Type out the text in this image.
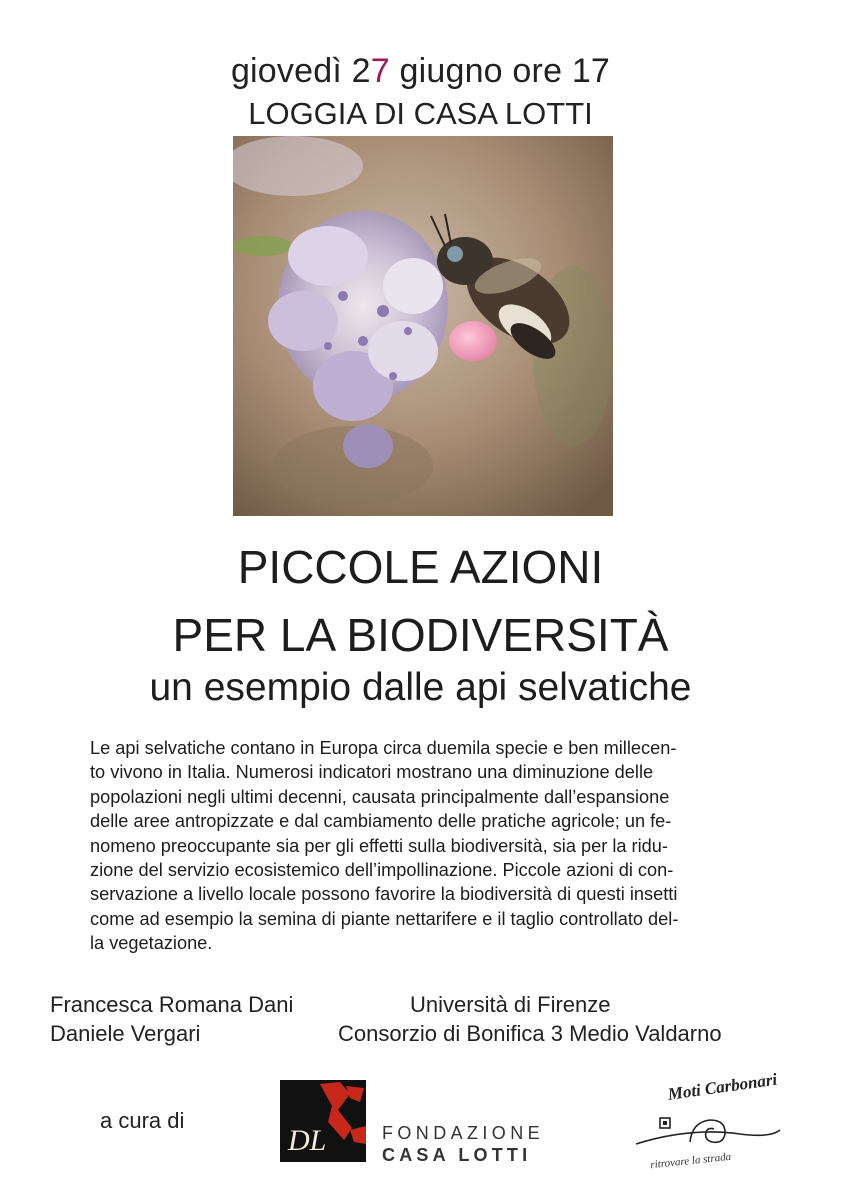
giovedì 27 giugno ore 17
LOGGIA DI CASA LOTTI
PICCOLE AZIONI
PER LA BIODIVERSITÀ
un esempio dalle api selvatiche
Le api selvatiche contano in Europa circa duemila specie e ben millecen-
to vivono in Italia. Numerosi indicatori mostrano una diminuzione delle
popolazioni negli ultimi decenni, causata principalmente dall’espansione
delle aree antropizzate e dal cambiamento delle pratiche agricole; un fe-
nomeno preoccupante sia per gli effetti sulla biodiversità, sia per la ridu-
zione del servizio ecosistemico dell’impollinazione. Piccole azioni di con-
servazione a livello locale possono favorire la biodiversità di questi insetti
come ad esempio la semina di piante nettarifere e il taglio controllato del-
la vegetazione.
Francesca Romana Dani
Daniele Vergari
Università di Firenze
Consorzio di Bonifica 3 Medio Valdarno
a cura di
DL	FONDAZIONE
CASA LOTTI
Moti Carbonari
ritrovare la strada
